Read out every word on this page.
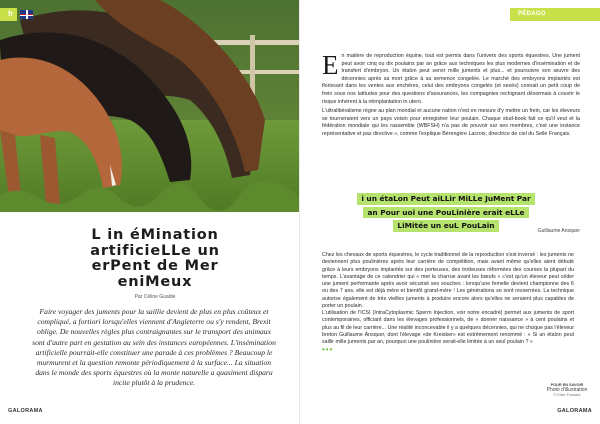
fr
L in éMination artificieLLe un erPent de Mer eniMeux
Par Céline Gualde
Faire voyager des juments pour la saillie devient de plus en plus coûteux et compliqué, a fortiori lorsqu'elles viennent d'Angleterre ou s'y rendent, Brexit oblige. De nouvelles règles plus contraignantes sur le transport des animaux sont d'autre part en gestation au sein des instances européennes. L'insémination artificielle pourrait-elle constituer une parade à ces problèmes ? Beaucoup le murmurent et la question remonte périodiquement à la surface... La situation dans le monde des sports équestres où la monte naturelle a quasiment disparu incite plutôt à la prudence.
GALORAMA
PÉDAGO

En matière de reproduction équine, tout est permis dans l'univers des sports équestres. Une jument peut avoir cinq ou dix poulains par an grâce aux techniques les plus modernes d'insémination et de transfert d'embryon. Un étalon peut servir mille juments et plus... et poursuivre son œuvre des décennies après sa mort grâce à sa semence congelée. Le marché des embryons implantés est florissant dans les ventes aux enchères, celui des embryons congelés (et sexés) connait un petit coup de frein sous nos latitudes pour des questions d'assurances, les compagnies rechignant désormais à couvrir le risque inhérent à la réimplantation in utero.

L'ultralibéralisme règne au plan mondial et aucune nation n'est en mesure d'y mettre un frein, car les éleveurs se tourneraient vers un pays voisin pour enregistrer leur poulain. Chaque stud-book fait ce qu'il veut et la fédération mondiale qui les rassemble (WBFSH) n'a pas de pouvoir sur ses membres, c'est une instance représentative et pas directive », comme l'explique Bérengère Lacroix, directrice de ciel du Selle Français.

i un étaLon Peut aiLLir MiLLe JuMent Par
an Pour uoi une PouLinière erait eLLe
LiMitée un euL PouLain
Guillaume Ansquer

Chez les chevaux de sports équestres, le cycle traditionnel de la reproduction s'est inversé : les juments ne deviennent plus poulinières après leur carrière de compétition, mais avant même qu'elles aient débuté grâce à leurs embryons implantés sur des porteuses, des trotteuses réformées des courses la plupart du temps. L'avantage de ce calendrier qui « met la charrue avant les bœufs » c'est qu'un éleveur peut céder une jument performante après avoir sécurisé ses souches : lorsqu'une femelle devient championne des 6 ou des 7 ans, elle est déjà mère et bientôt grand-mère ! Les générations se sont resserrées. La technique autorise également de très vieilles juments à produire encore alors qu'elles ne seraient plus capables de porter un poulain.

L'utilisation de l'ICSI (IntraCytoplasmic Sperm Injection, voir notre encadré) permet aux juments de sport contemporaines, officiant dans les élevages professionnels, de « donner naissance » à cent poulains et plus au fil de leur carrière... Une réalité inconcevable il y a quelques décennies, qui ne choque pas l'éleveur breton Guillaume Ansquer, dont l'élevage «de Kreisker» est extrêmement renommé : « Si un étalon peut saillir mille juments par an, pourquoi une poulinière serait-elle limitée à un seul poulain ? »

•••
POUR EN SAVOIR
Photo d'illustration
© Elise Fossard
GALORAMA
